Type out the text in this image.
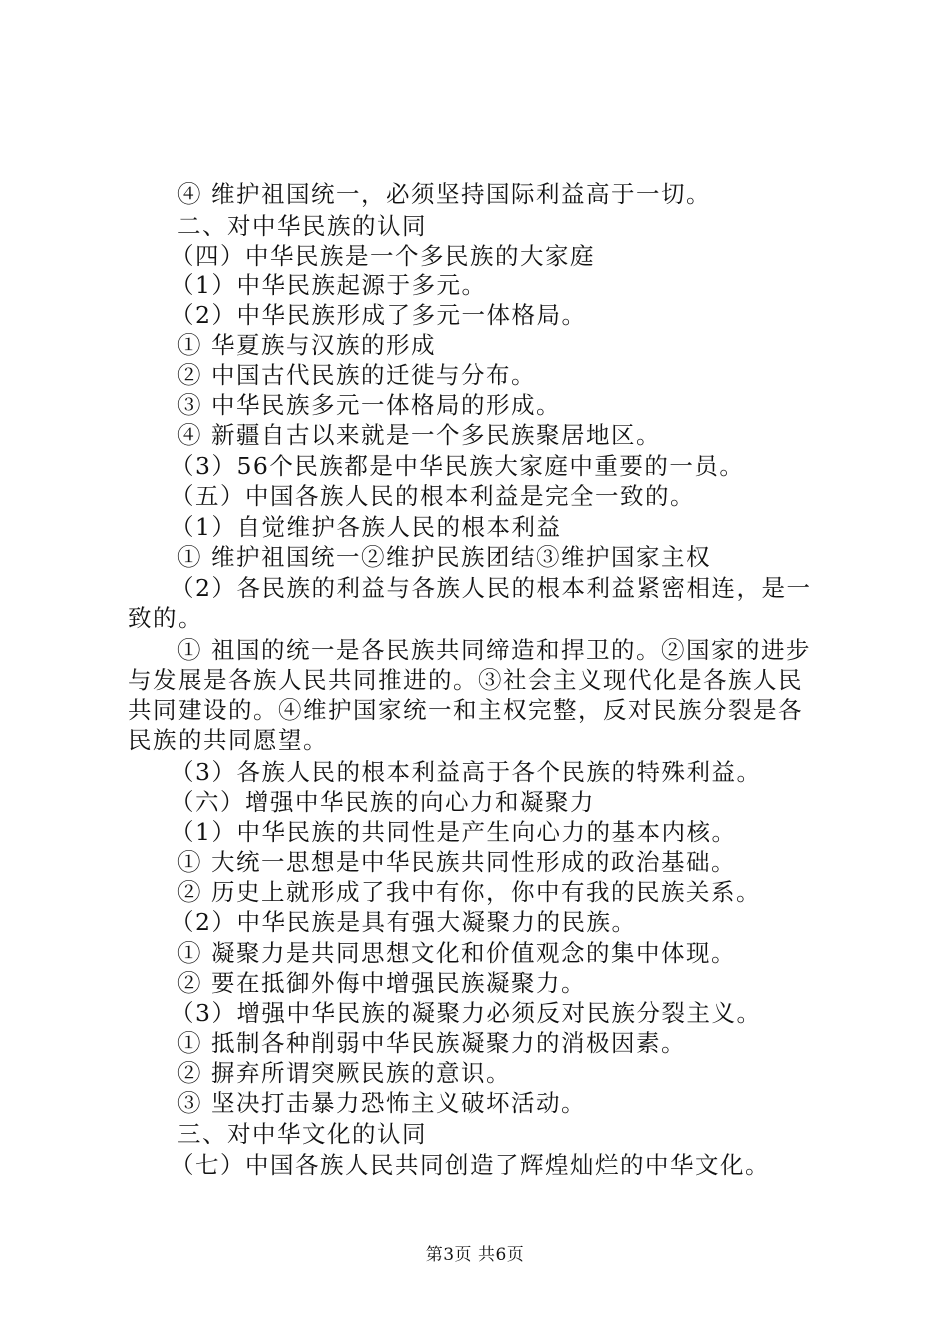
④ 维护祖国统一，必须坚持国际利益高于一切。
二、对中华民族的认同
（四）中华民族是一个多民族的大家庭
（1）中华民族起源于多元。
（2）中华民族形成了多元一体格局。
① 华夏族与汉族的形成
② 中国古代民族的迁徙与分布。
③ 中华民族多元一体格局的形成。
④ 新疆自古以来就是一个多民族聚居地区。
（3）56个民族都是中华民族大家庭中重要的一员。
（五）中国各族人民的根本利益是完全一致的。
（1）自觉维护各族人民的根本利益
① 维护祖国统一②维护民族团结③维护国家主权
（2）各民族的利益与各族人民的根本利益紧密相连，是一
致的。
① 祖国的统一是各民族共同缔造和捍卫的。②国家的进步
与发展是各族人民共同推进的。③社会主义现代化是各族人民
共同建设的。④维护国家统一和主权完整，反对民族分裂是各
民族的共同愿望。
（3）各族人民的根本利益高于各个民族的特殊利益。
（六）增强中华民族的向心力和凝聚力
（1）中华民族的共同性是产生向心力的基本内核。
① 大统一思想是中华民族共同性形成的政治基础。
② 历史上就形成了我中有你，你中有我的民族关系。
（2）中华民族是具有强大凝聚力的民族。
① 凝聚力是共同思想文化和价值观念的集中体现。
② 要在抵御外侮中增强民族凝聚力。
（3）增强中华民族的凝聚力必须反对民族分裂主义。
① 抵制各种削弱中华民族凝聚力的消极因素。
② 摒弃所谓突厥民族的意识。
③ 坚决打击暴力恐怖主义破坏活动。
三、对中华文化的认同
（七）中国各族人民共同创造了辉煌灿烂的中华文化。
第3页 共6页
